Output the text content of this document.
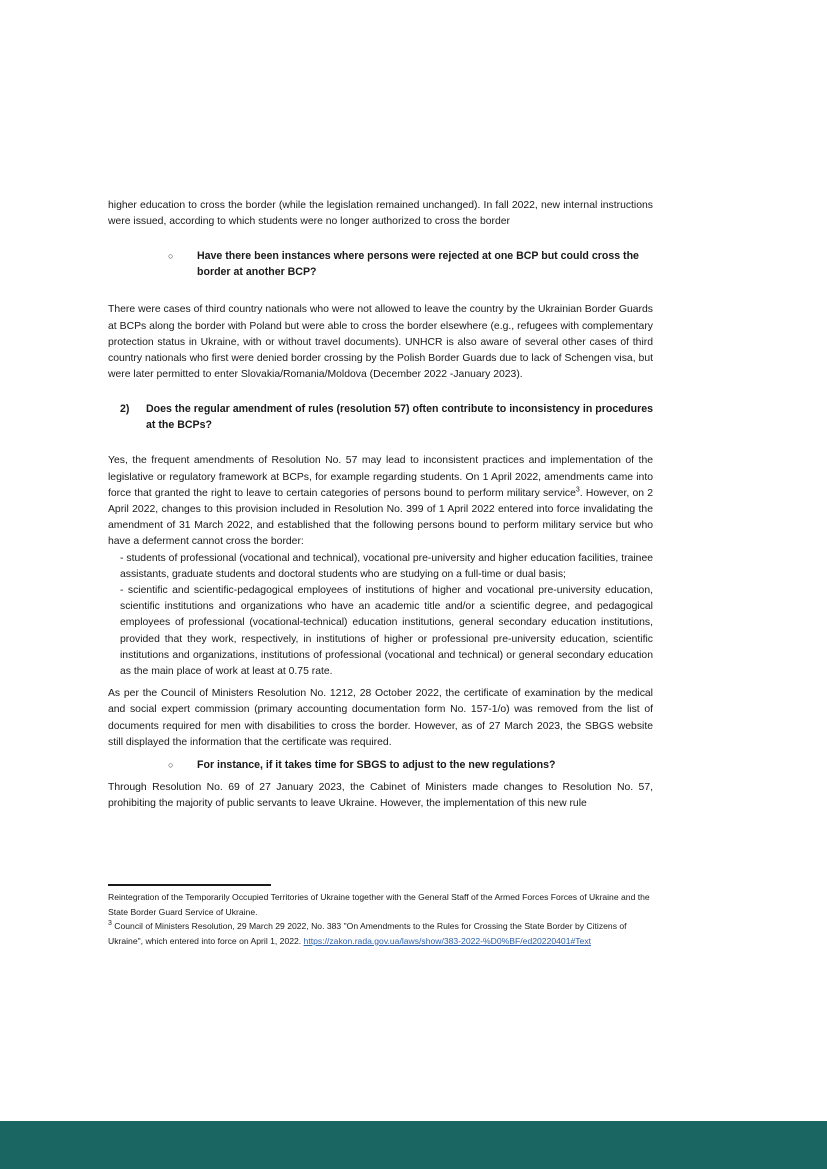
higher education to cross the border (while the legislation remained unchanged). In fall 2022, new internal instructions were issued, according to which students were no longer authorized to cross the border

○	Have there been instances where persons were rejected at one BCP but could cross the border at another BCP?

There were cases of third country nationals who were not allowed to leave the country by the Ukrainian Border Guards at BCPs along the border with Poland but were able to cross the border elsewhere (e.g., refugees with complementary protection status in Ukraine, with or without travel documents). UNHCR is also aware of several other cases of third country nationals who first were denied border crossing by the Polish Border Guards due to lack of Schengen visa, but were later permitted to enter Slovakia/Romania/Moldova (December 2022 -January 2023).

2)	Does the regular amendment of rules (resolution 57) often contribute to inconsistency in procedures at the BCPs?

Yes, the frequent amendments of Resolution No. 57 may lead to inconsistent practices and implementation of the legislative or regulatory framework at BCPs, for example regarding students. On 1 April 2022, amendments came into force that granted the right to leave to certain categories of persons bound to perform military service$^3$. However, on 2 April 2022, changes to this provision included in Resolution No. 399 of 1 April 2022 entered into force invalidating the amendment of 31 March 2022, and established that the following persons bound to perform military service but who have a deferment cannot cross the border:

- students of professional (vocational and technical), vocational pre-university and higher education facilities, trainee assistants, graduate students and doctoral students who are studying on a full-time or dual basis;

- scientific and scientific-pedagogical employees of institutions of higher and vocational pre-university education, scientific institutions and organizations who have an academic title and/or a scientific degree, and pedagogical employees of professional (vocational-technical) education institutions, general secondary education institutions, provided that they work, respectively, in institutions of higher or professional pre-university education, scientific institutions and organizations, institutions of professional (vocational and technical) or general secondary education as the main place of work at least at 0.75 rate.

As per the Council of Ministers Resolution No. 1212, 28 October 2022, the certificate of examination by the medical and social expert commission (primary accounting documentation form No. 157-1/o) was removed from the list of documents required for men with disabilities to cross the border. However, as of 27 March 2023, the SBGS website still displayed the information that the certificate was required.

○	For instance, if it takes time for SBGS to adjust to the new regulations?

Through Resolution No. 69 of 27 January 2023, the Cabinet of Ministers made changes to Resolution No. 57, prohibiting the majority of public servants to leave Ukraine. However, the implementation of this new rule

Reintegration of the Temporarily Occupied Territories of Ukraine together with the General Staff of the Armed Forces Forces of Ukraine and the State Border Guard Service of Ukraine.

$^3$ Council of Ministers Resolution, 29 March 29 2022, No. 383 "On Amendments to the Rules for Crossing the State Border by Citizens of Ukraine", which entered into force on April 1, 2022. https://zakon.rada.gov.ua/laws/show/383-2022-%D0%BF/ed20220401#Text
